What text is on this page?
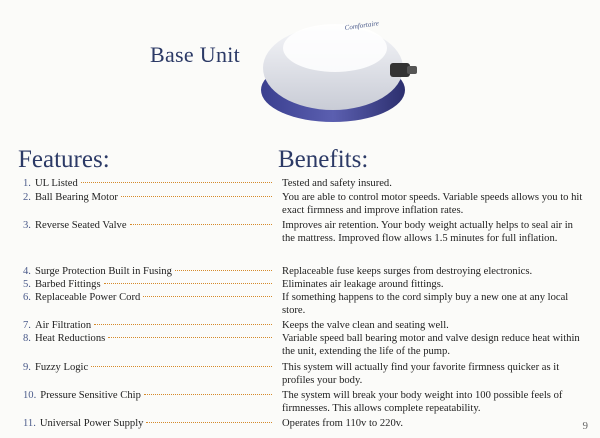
Base Unit
Comfortaire
Features:	Benefits:
1. UL Listed	Tested and safety insured.
2. Ball Bearing Motor	You are able to control motor speeds. Variable speeds allows you to hit exact firmness and improve inflation rates.
3. Reverse Seated Valve	Improves air retention. Your body weight actually helps to seal air in the mattress. Improved flow allows 1.5 minutes for full inflation.
4. Surge Protection Built in Fusing	Replaceable fuse keeps surges from destroying electronics.
5. Barbed Fittings	Eliminates air leakage around fittings.
6. Replaceable Power Cord	If something happens to the cord simply buy a new one at any local store.
7. Air Filtration	Keeps the valve clean and seating well.
8. Heat Reductions	Variable speed ball bearing motor and valve design reduce heat within the unit, extending the life of the pump.
9. Fuzzy Logic	This system will actually find your favorite firmness quicker as it profiles your body.
10. Pressure Sensitive Chip	The system will break your body weight into 100 possible feels of firmnesses. This allows complete repeatability.
11. Universal Power Supply	Operates from 110v to 220v.	9
